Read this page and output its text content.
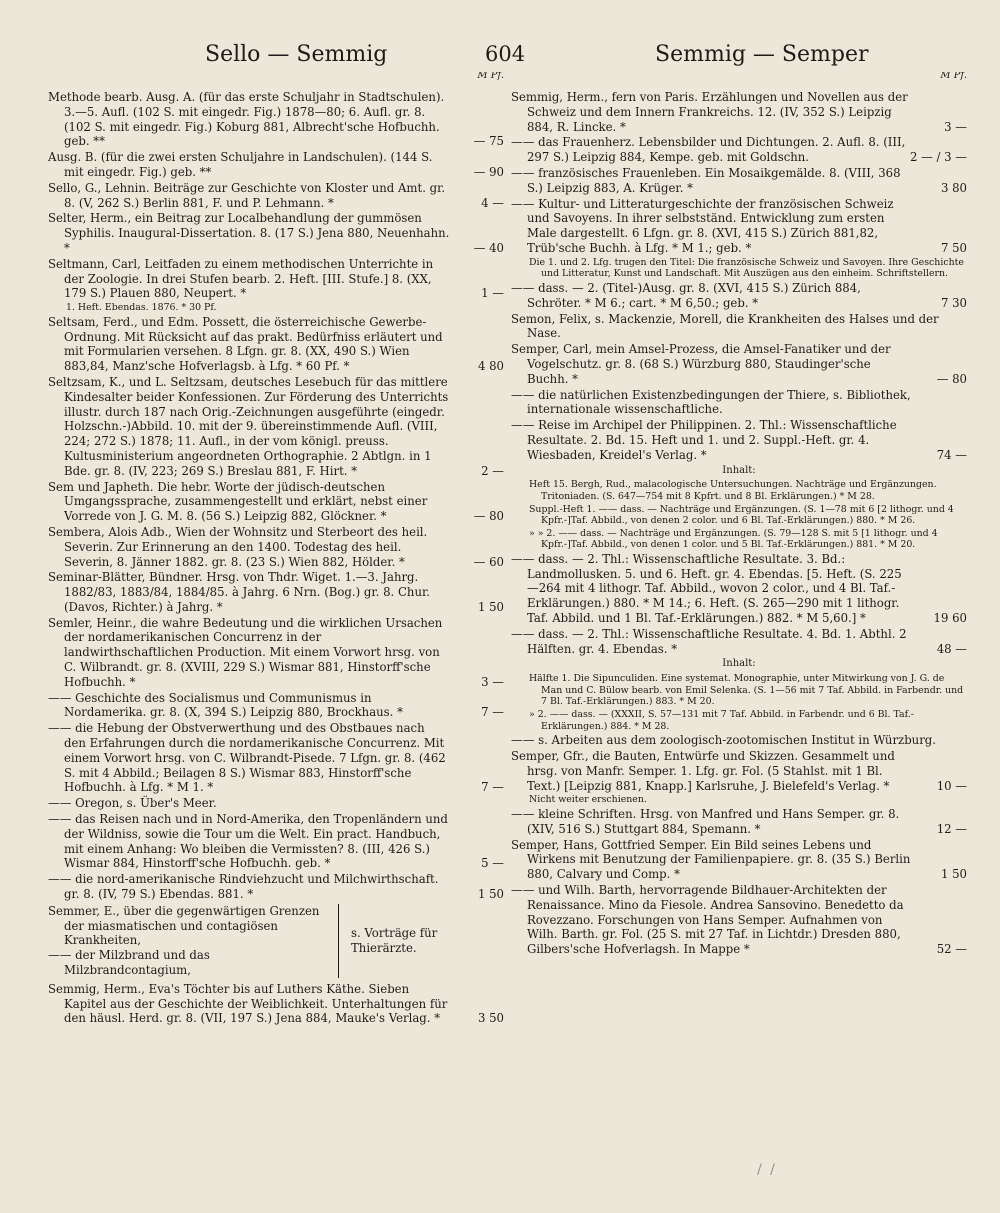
Sello — Semmig	604	Semmig — Semper
M Pf.
Methode bearb. Ausg. A. (für das erste Schuljahr in Stadtschulen). 3.—5. Aufl. (102 S. mit eingedr. Fig.) 1878—80; 6. Aufl. gr. 8. (102 S. mit eingedr. Fig.) Koburg 881, Albrecht'sche Hofbuchh. geb. **	— 75
Ausg. B. (für die zwei ersten Schuljahre in Landschulen). (144 S. mit eingedr. Fig.) geb. **	— 90
Sello, G., Lehnin. Beiträge zur Geschichte von Kloster und Amt. gr. 8. (V, 262 S.) Berlin 881, F. und P. Lehmann. *	4 —
Selter, Herm., ein Beitrag zur Localbehandlung der gummösen Syphilis. Inaugural-Dissertation. 8. (17 S.) Jena 880, Neuenhahn. *	— 40
Seltmann, Carl, Leitfaden zu einem methodischen Unterrichte in der Zoologie. In drei Stufen bearb. 2. Heft. [III. Stufe.] 8. (XX, 179 S.) Plauen 880, Neupert. *	1 —
1. Heft. Ebendas. 1876. * 30 Pf.
Seltsam, Ferd., und Edm. Possett, die österreichische Gewerbe-Ordnung. Mit Rücksicht auf das prakt. Bedürfniss erläutert und mit Formularien versehen. 8 Lfgn. gr. 8. (XX, 490 S.) Wien 883,84, Manz'sche Hofverlagsb. à Lfg. * 60 Pf. *	4 80
Seltzsam, K., und L. Seltzsam, deutsches Lesebuch für das mittlere Kindesalter beider Konfessionen. Zur Förderung des Unterrichts illustr. durch 187 nach Orig.-Zeichnungen ausgeführte (eingedr. Holzschn.-)Abbild. 10. mit der 9. übereinstimmende Aufl. (VIII, 224; 272 S.) 1878; 11. Aufl., in der vom königl. preuss. Kultusministerium angeordneten Orthographie. 2 Abtlgn. in 1 Bde. gr. 8. (IV, 223; 269 S.) Breslau 881, F. Hirt. *	2 —
Sem und Japheth. Die hebr. Worte der jüdisch-deutschen Umgangssprache, zusammengestellt und erklärt, nebst einer Vorrede von J. G. M. 8. (56 S.) Leipzig 882, Glöckner. *	— 80
Sembera, Alois Adb., Wien der Wohnsitz und Sterbeort des heil. Severin. Zur Erinnerung an den 1400. Todestag des heil. Severin, 8. Jänner 1882. gr. 8. (23 S.) Wien 882, Hölder. *	— 60
Seminar-Blätter, Bündner. Hrsg. von Thdr. Wiget. 1.—3. Jahrg. 1882/83, 1883/84, 1884/85. à Jahrg. 6 Nrn. (Bog.) gr. 8. Chur. (Davos, Richter.) à Jahrg. *	1 50
Semler, Heinr., die wahre Bedeutung und die wirklichen Ursachen der nordamerikanischen Concurrenz in der landwirthschaftlichen Production. Mit einem Vorwort hrsg. von C. Wilbrandt. gr. 8. (XVIII, 229 S.) Wismar 881, Hinstorff'sche Hofbuchh. *	3 —
—— Geschichte des Socialismus und Communismus in Nordamerika. gr. 8. (X, 394 S.) Leipzig 880, Brockhaus. *	7 —
—— die Hebung der Obstverwerthung und des Obstbaues nach den Erfahrungen durch die nordamerikanische Concurrenz. Mit einem Vorwort hrsg. von C. Wilbrandt-Pisede. 7 Lfgn. gr. 8. (462 S. mit 4 Abbild.; Beilagen 8 S.) Wismar 883, Hinstorff'sche Hofbuchh. à Lfg. * M 1. *	7 —
—— Oregon, s. Über's Meer.
—— das Reisen nach und in Nord-Amerika, den Tropenländern und der Wildniss, sowie die Tour um die Welt. Ein pract. Handbuch, mit einem Anhang: Wo bleiben die Vermissten? 8. (III, 426 S.) Wismar 884, Hinstorff'sche Hofbuchh. geb. *	5 —
—— die nord-amerikanische Rindviehzucht und Milchwirthschaft. gr. 8. (IV, 79 S.) Ebendas. 881. *	1 50
Semmer, E., über die gegenwärtigen Grenzen der miasmatischen und contagiösen Krankheiten,
—— der Milzbrand und das Milzbrandcontagium,
s. Vorträge für Thierärzte.
Semmig, Herm., Eva's Töchter bis auf Luthers Käthe. Sieben Kapitel aus der Geschichte der Weiblichkeit. Unterhaltungen für den häusl. Herd. gr. 8. (VII, 197 S.) Jena 884, Mauke's Verlag. *	3 50
M Pf.
Semmig, Herm., fern von Paris. Erzählungen und Novellen aus der Schweiz und dem Innern Frankreichs. 12. (IV, 352 S.) Leipzig 884, R. Lincke. *	3 —
—— das Frauenherz. Lebensbilder und Dichtungen. 2. Aufl. 8. (III, 297 S.) Leipzig 884, Kempe. geb. mit Goldschn.	2 — / 3 —
—— französisches Frauenleben. Ein Mosaikgemälde. 8. (VIII, 368 S.) Leipzig 883, A. Krüger. *	3 80
—— Kultur- und Litteraturgeschichte der französischen Schweiz und Savoyens. In ihrer selbstständ. Entwicklung zum ersten Male dargestellt. 6 Lfgn. gr. 8. (XVI, 415 S.) Zürich 881,82, Trüb'sche Buchh. à Lfg. * M 1.; geb. *	7 50
Die 1. und 2. Lfg. trugen den Titel: Die französische Schweiz und Savoyen. Ihre Geschichte und Litteratur, Kunst und Landschaft. Mit Auszügen aus den einheim. Schriftstellern.
—— dass. — 2. (Titel-)Ausg. gr. 8. (XVI, 415 S.) Zürich 884, Schröter. * M 6.; cart. * M 6,50.; geb. *	7 30
Semon, Felix, s. Mackenzie, Morell, die Krankheiten des Halses und der Nase.
Semper, Carl, mein Amsel-Prozess, die Amsel-Fanatiker und der Vogelschutz. gr. 8. (68 S.) Würzburg 880, Staudinger'sche Buchh. *	— 80
—— die natürlichen Existenzbedingungen der Thiere, s. Bibliothek, internationale wissenschaftliche.
—— Reise im Archipel der Philippinen. 2. Thl.: Wissenschaftliche Resultate. 2. Bd. 15. Heft und 1. und 2. Suppl.-Heft. gr. 4. Wiesbaden, Kreidel's Verlag. *	74 —
Inhalt:
Heft 15. Bergh, Rud., malacologische Untersuchungen. Nachträge und Ergänzungen. Tritoniaden. (S. 647—754 mit 8 Kpfrt. und 8 Bl. Erklärungen.) * M 28.
Suppl.-Heft 1. —— dass. — Nachträge und Ergänzungen. (S. 1—78 mit 6 [2 lithogr. und 4 Kpfr.-]Taf. Abbild., von denen 2 color. und 6 Bl. Taf.-Erklärungen.) 880. * M 26.
» » 2. —— dass. — Nachträge und Ergänzungen. (S. 79—128 S. mit 5 [1 lithogr. und 4 Kpfr.-]Taf. Abbild., von denen 1 color. und 5 Bl. Taf.-Erklärungen.) 881. * M 20.
—— dass. — 2. Thl.: Wissenschaftliche Resultate. 3. Bd.: Landmollusken. 5. und 6. Heft. gr. 4. Ebendas. [5. Heft. (S. 225—264 mit 4 lithogr. Taf. Abbild., wovon 2 color., und 4 Bl. Taf.-Erklärungen.) 880. * M 14.; 6. Heft. (S. 265—290 mit 1 lithogr. Taf. Abbild. und 1 Bl. Taf.-Erklärungen.) 882. * M 5,60.] *	19 60
—— dass. — 2. Thl.: Wissenschaftliche Resultate. 4. Bd. 1. Abthl. 2 Hälften. gr. 4. Ebendas. *	48 —
Inhalt:
Hälfte 1. Die Sipunculiden. Eine systemat. Monographie, unter Mitwirkung von J. G. de Man und C. Bülow bearb. von Emil Selenka. (S. 1—56 mit 7 Taf. Abbild. in Farbendr. und 7 Bl. Taf.-Erklärungen.) 883. * M 20.
» 2. —— dass. — (XXXII, S. 57—131 mit 7 Taf. Abbild. in Farbendr. und 6 Bl. Taf.-Erklärungen.) 884. * M 28.
—— s. Arbeiten aus dem zoologisch-zootomischen Institut in Würzburg.
Semper, Gfr., die Bauten, Entwürfe und Skizzen. Gesammelt und hrsg. von Manfr. Semper. 1. Lfg. gr. Fol. (5 Stahlst. mit 1 Bl. Text.) [Leipzig 881, Knapp.] Karlsruhe, J. Bielefeld's Verlag. *	10 —
Nicht weiter erschienen.
—— kleine Schriften. Hrsg. von Manfred und Hans Semper. gr. 8. (XIV, 516 S.) Stuttgart 884, Spemann. *	12 —
Semper, Hans, Gottfried Semper. Ein Bild seines Lebens und Wirkens mit Benutzung der Familienpapiere. gr. 8. (35 S.) Berlin 880, Calvary und Comp. *	1 50
—— und Wilh. Barth, hervorragende Bildhauer-Architekten der Renaissance. Mino da Fiesole. Andrea Sansovino. Benedetto da Rovezzano. Forschungen von Hans Semper. Aufnahmen von Wilh. Barth. gr. Fol. (25 S. mit 27 Taf. in Lichtdr.) Dresden 880, Gilbers'sche Hofverlagsh. In Mappe *	52 —
/ /
